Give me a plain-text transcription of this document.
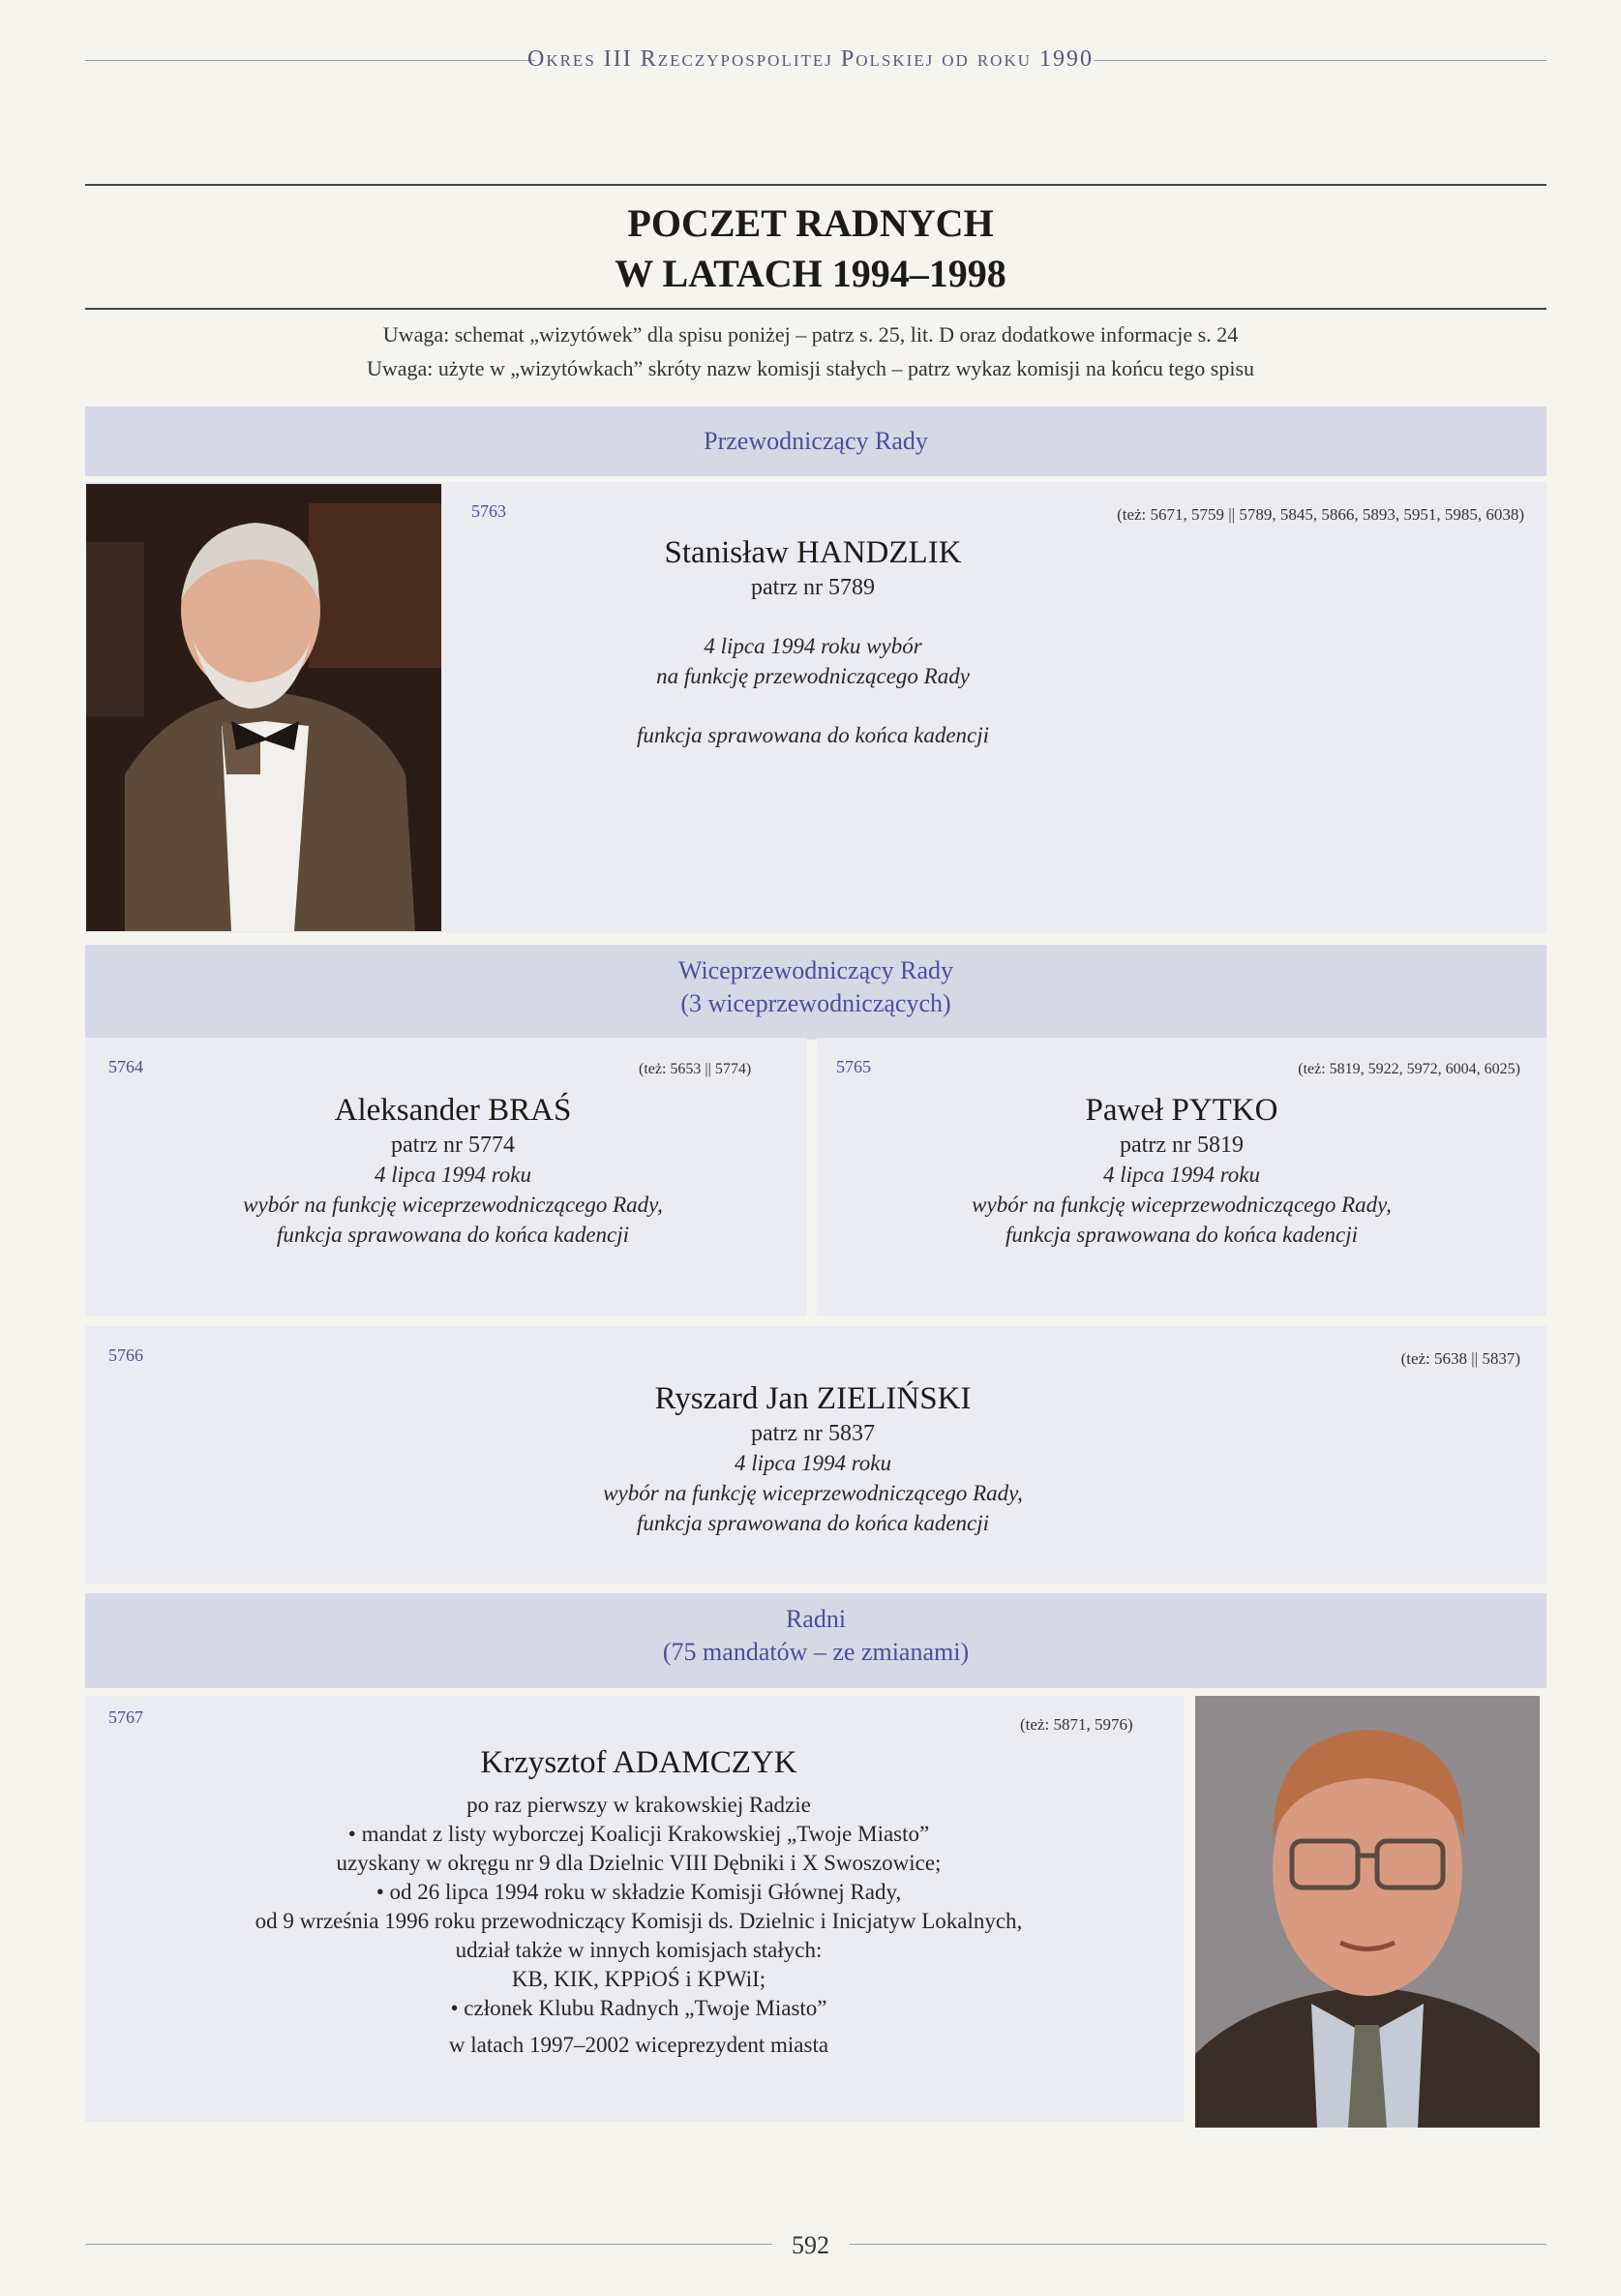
Okres III Rzeczypospolitej Polskiej od roku 1990
POCZET RADNYCH
W LATACH 1994–1998
Uwaga: schemat „wizytówek” dla spisu poniżej – patrz s. 25, lit. D oraz dodatkowe informacje s. 24
Uwaga: użyte w „wizytówkach” skróty nazw komisji stałych – patrz wykaz komisji na końcu tego spisu
Przewodniczący Rady
5763	(też: 5671, 5759 || 5789, 5845, 5866, 5893, 5951, 5985, 6038)
Stanisław HANDZLIK
patrz nr 5789
4 lipca 1994 roku wybór
na funkcję przewodniczącego Rady
funkcja sprawowana do końca kadencji
Wiceprzewodniczący Rady
(3 wiceprzewodniczących)
5764	(też: 5653 || 5774)
Aleksander BRAŚ
patrz nr 5774
4 lipca 1994 roku
wybór na funkcję wiceprzewodniczącego Rady,
funkcja sprawowana do końca kadencji
5765	(też: 5819, 5922, 5972, 6004, 6025)
Paweł PYTKO
patrz nr 5819
4 lipca 1994 roku
wybór na funkcję wiceprzewodniczącego Rady,
funkcja sprawowana do końca kadencji
5766	(też: 5638 || 5837)
Ryszard Jan ZIELIŃSKI
patrz nr 5837
4 lipca 1994 roku
wybór na funkcję wiceprzewodniczącego Rady,
funkcja sprawowana do końca kadencji
Radni
(75 mandatów – ze zmianami)
5767	(też: 5871, 5976)
Krzysztof ADAMCZYK
po raz pierwszy w krakowskiej Radzie
• mandat z listy wyborczej Koalicji Krakowskiej „Twoje Miasto”
uzyskany w okręgu nr 9 dla Dzielnic VIII Dębniki i X Swoszowice;
• od 26 lipca 1994 roku w składzie Komisji Głównej Rady,
od 9 września 1996 roku przewodniczący Komisji ds. Dzielnic i Inicjatyw Lokalnych,
udział także w innych komisjach stałych:
KB, KIK, KPPiOŚ i KPWiI;
• członek Klubu Radnych „Twoje Miasto”
w latach 1997–2002 wiceprezydent miasta
592
